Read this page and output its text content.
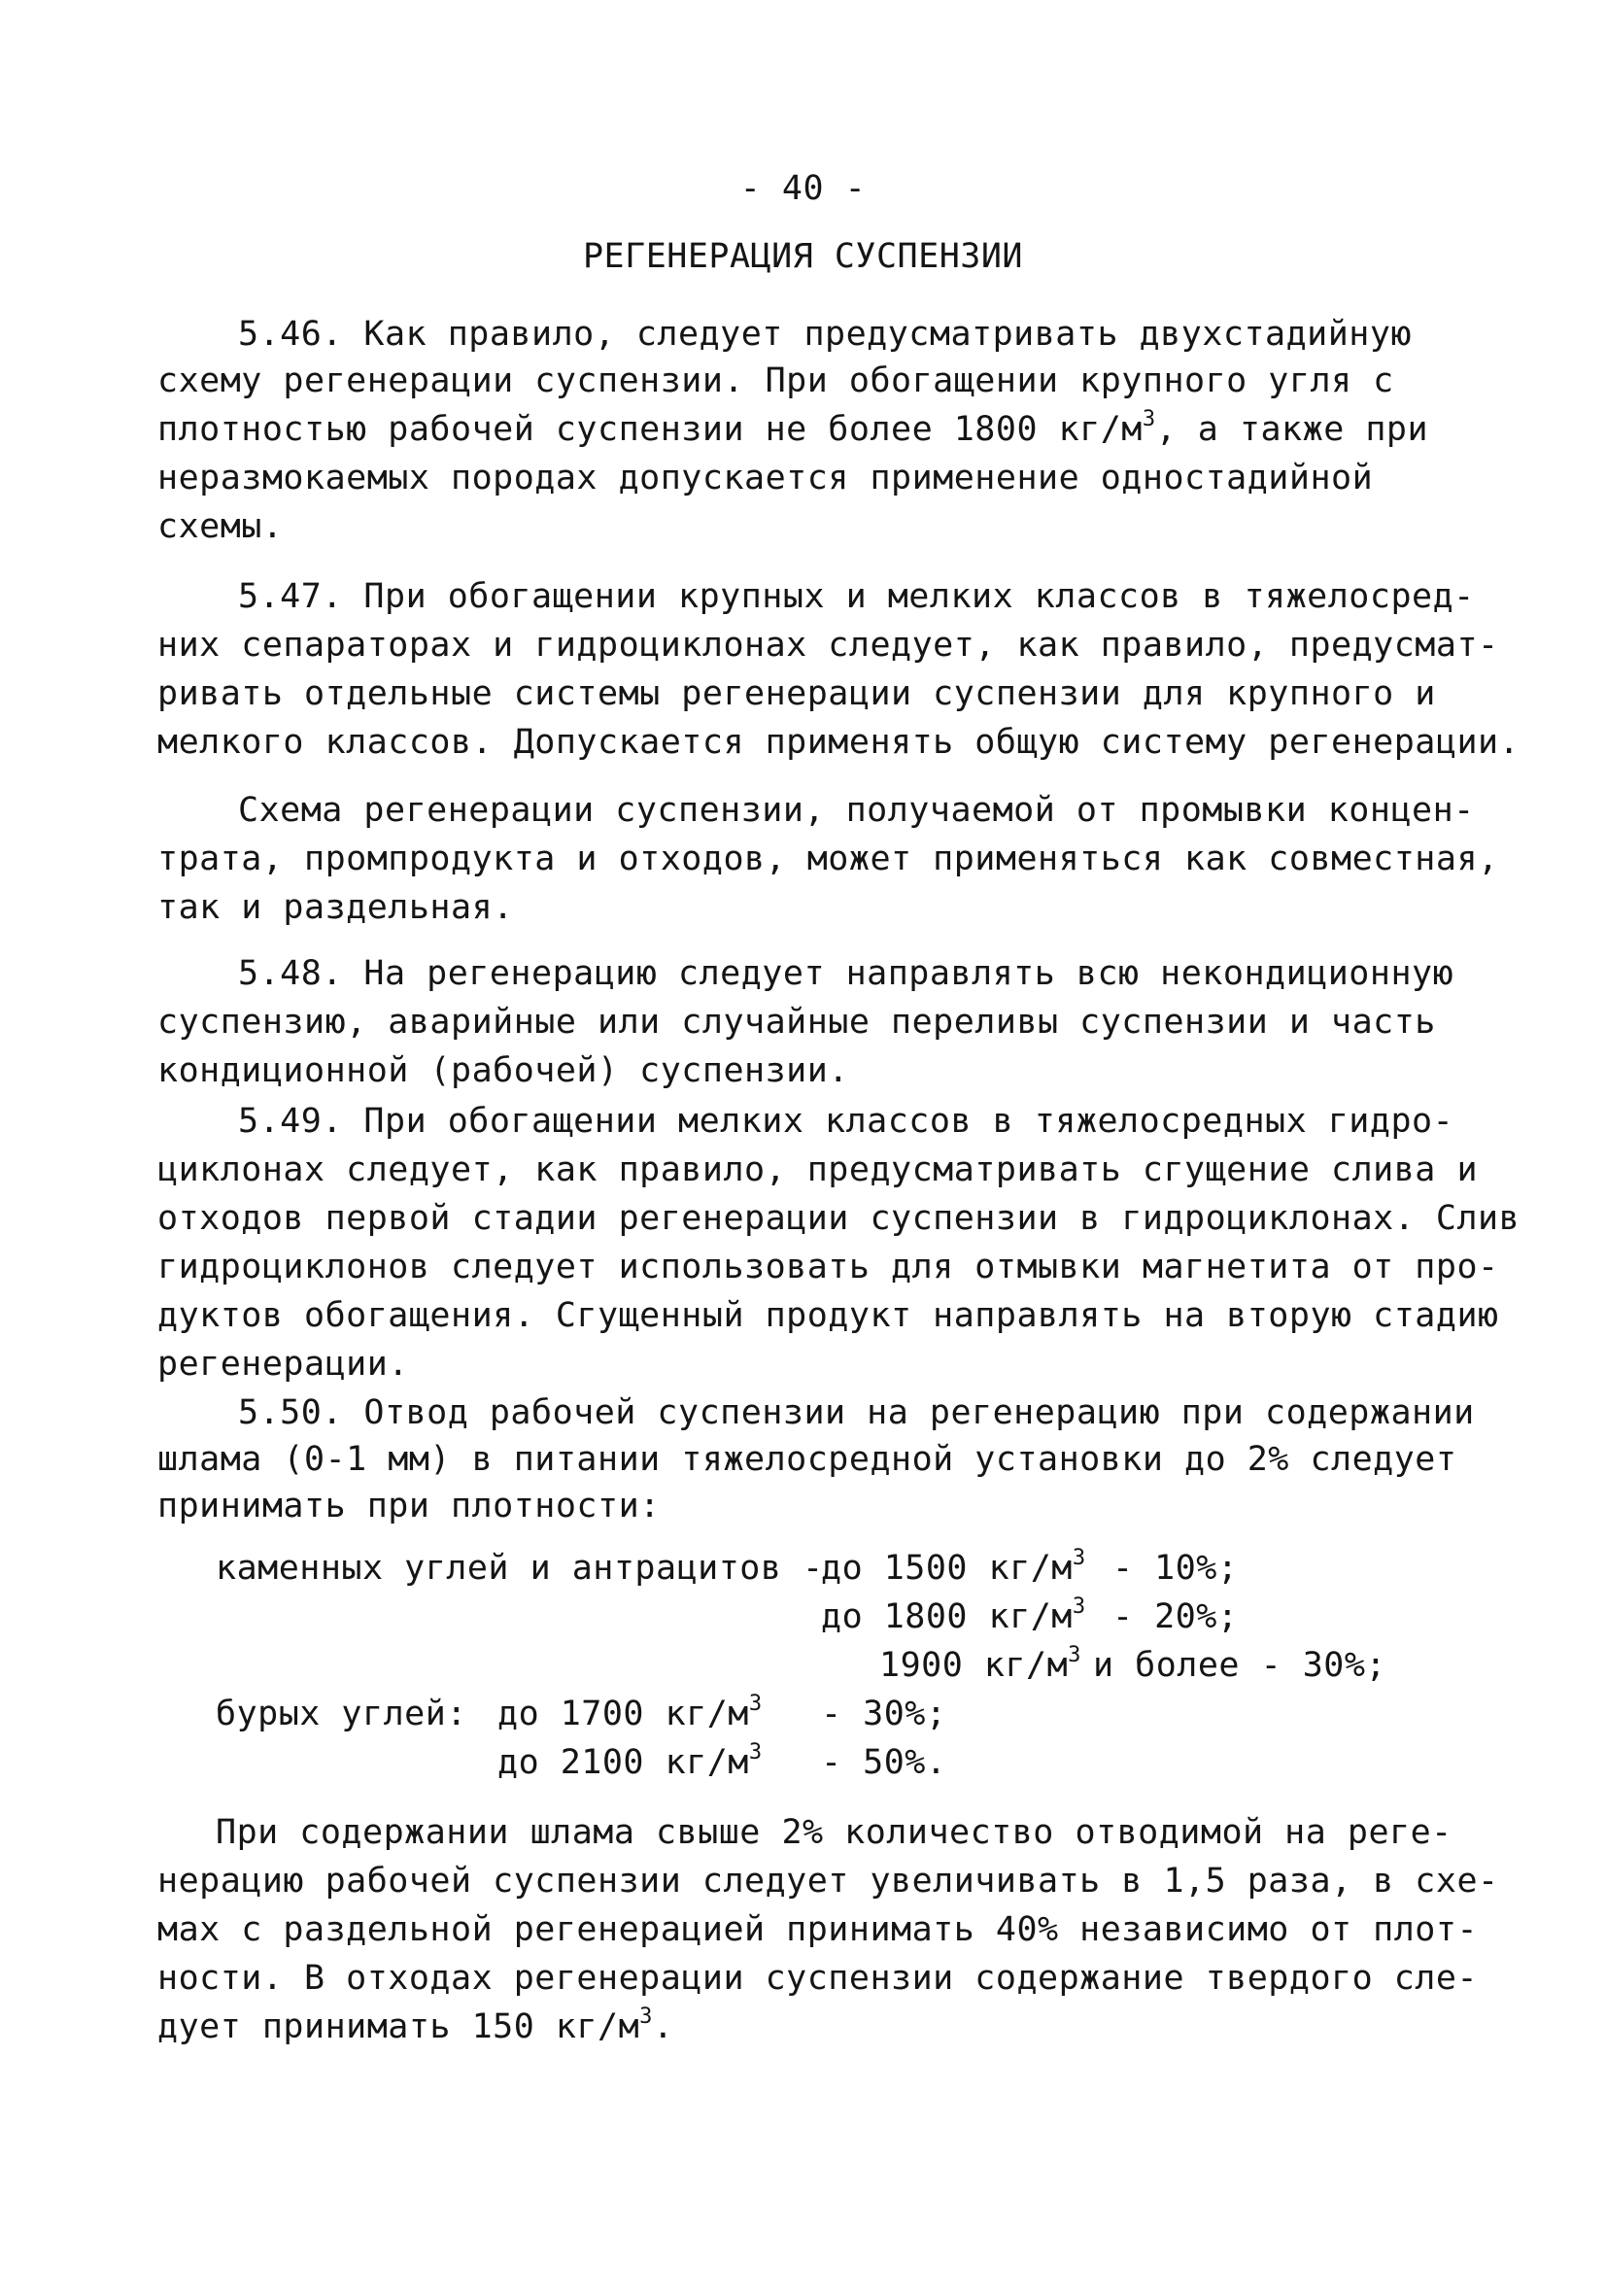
- 40 -
РЕГЕНЕРАЦИЯ СУСПЕНЗИИ
5.46. Как правило, следует предусматривать двухстадийную
схему регенерации суспензии. При обогащении крупного угля с
плотностью рабочей суспензии не более 1800 $кг/м^3$, а также при
неразмокаемых породах допускается применение одностадийной
схемы.
5.47. При обогащении крупных и мелких классов в тяжелосред-
них сепараторах и гидроциклонах следует, как правило, предусмат-
ривать отдельные системы регенерации суспензии для крупного и
мелкого классов. Допускается применять общую систему регенерации.
Схема регенерации суспензии, получаемой от промывки концен-
трата, промпродукта и отходов, может применяться как совместная,
так и раздельная.
5.48. На регенерацию следует направлять всю некондиционную
суспензию, аварийные или случайные переливы суспензии и часть
кондиционной (рабочей) суспензии.
5.49. При обогащении мелких классов в тяжелосредных гидро-
циклонах следует, как правило, предусматривать сгущение слива и
отходов первой стадии регенерации суспензии в гидроциклонах. Слив
гидроциклонов следует использовать для отмывки магнетита от про-
дуктов обогащения. Сгущенный продукт направлять на вторую стадию
регенерации.
5.50. Отвод рабочей суспензии на регенерацию при содержании
шлама (0-1 мм) в питании тяжелосредной установки до 2% следует
принимать при плотности:
каменных углей и антрацитов -
до 1500 $кг/м^3 - 10\%$;
до 1800 $кг/м^3 - 20\%$;
1900 $кг/м^3$ и более - 30%;
бурых углей: до 1700 $кг/м^3 - 30\%$;
до 2100 $кг/м^3 - 50\%$.
При содержании шлама свыше 2% количество отводимой на реге-
нерацию рабочей суспензии следует увеличивать в 1,5 раза, в схе-
мах с раздельной регенерацией принимать 40% независимо от плот-
ности. В отходах регенерации суспензии содержание твердого сле-
дует принимать 150 $кг/м^3$.
